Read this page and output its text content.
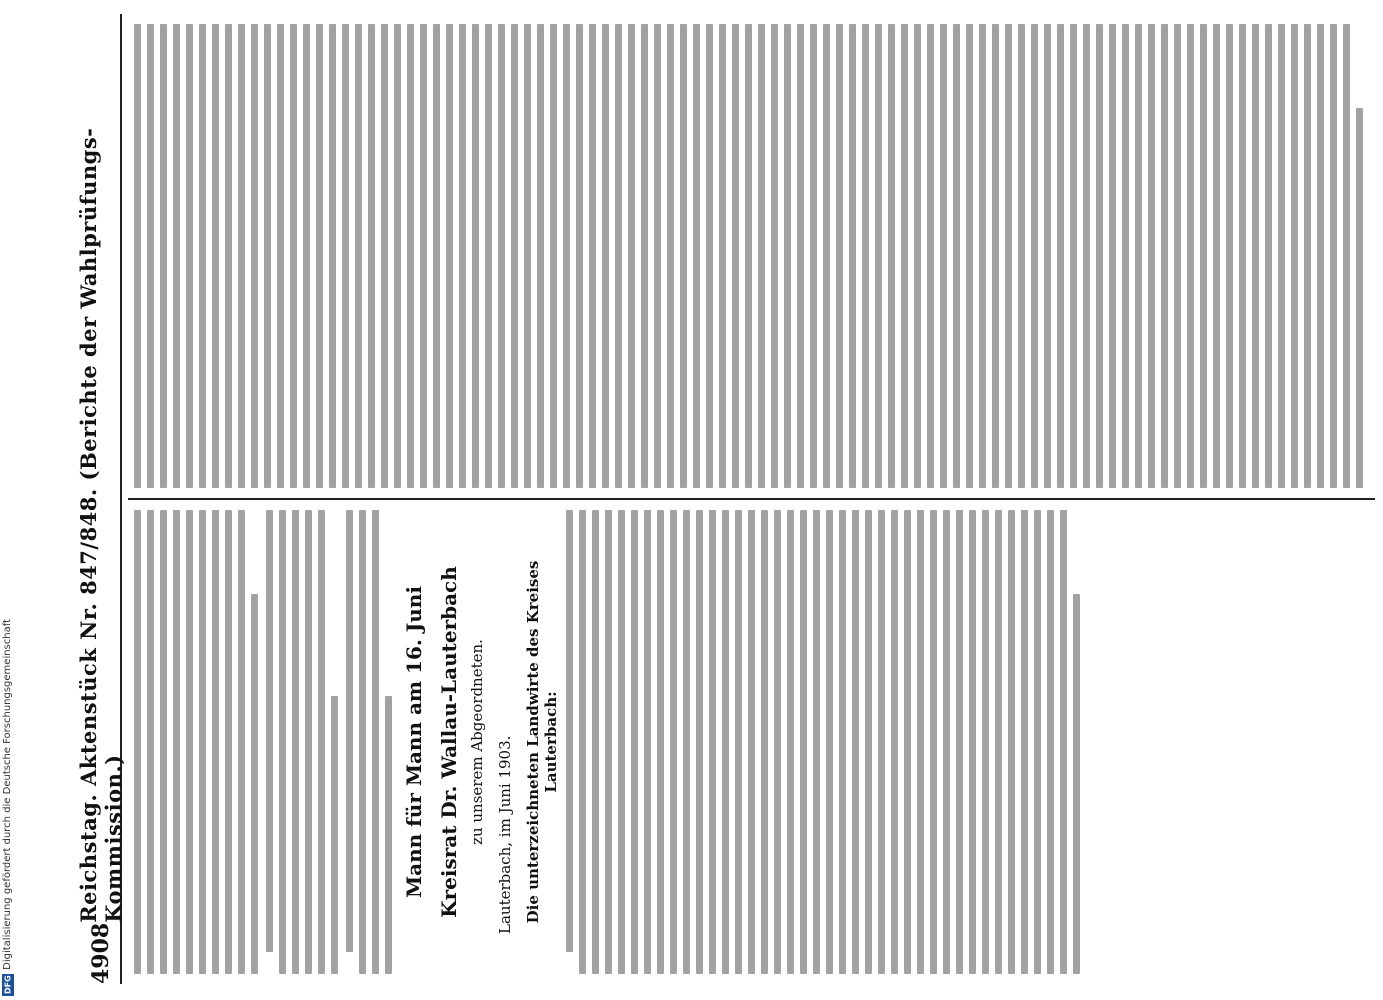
4908
Reichstag. Aktenstück Nr. 847/848. (Berichte der Wahlprüfungs-Kommission.)	Mann für Mann am 16. Juni Kreisrat Dr. Wallau-Lauterbach zu unserem Abgeordneten. Lauterbach, im Juni 1903. Die unterzeichneten Landwirte des Kreises Lauterbach:
Digitalisierung gefördert durch die Deutsche Forschungsgemeinschaft
DFG
